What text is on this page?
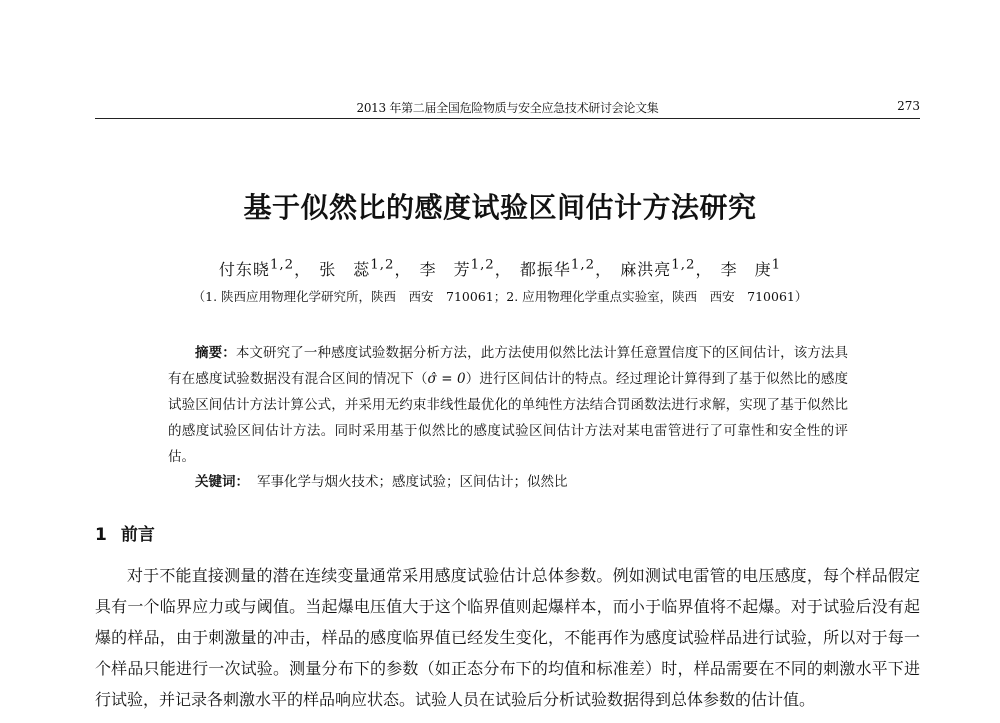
2013 年第二届全国危险物质与安全应急技术研讨会论文集	273
基于似然比的感度试验区间估计方法研究
付东晓$^{1,2}$， 张　蕊$^{1,2}$， 李　芳$^{1,2}$， 都振华$^{1,2}$， 麻洪亮$^{1,2}$， 李　庚$^1$
（1. 陕西应用物理化学研究所，陕西　西安　710061；2. 应用物理化学重点实验室，陕西　西安　710061）
摘要：本文研究了一种感度试验数据分析方法，此方法使用似然比法计算任意置信度下的区间估计，该方法具有在感度试验数据没有混合区间的情况下（σ̂ = 0）进行区间估计的特点。经过理论计算得到了基于似然比的感度试验区间估计方法计算公式，并采用无约束非线性最优化的单纯性方法结合罚函数法进行求解，实现了基于似然比的感度试验区间估计方法。同时采用基于似然比的感度试验区间估计方法对某电雷管进行了可靠性和安全性的评估。
关键词： 军事化学与烟火技术；感度试验；区间估计；似然比
1 前言
对于不能直接测量的潜在连续变量通常采用感度试验估计总体参数。例如测试电雷管的电压感度，每个样品假定具有一个临界应力或与阈值。当起爆电压值大于这个临界值则起爆样本，而小于临界值将不起爆。对于试验后没有起爆的样品，由于刺激量的冲击，样品的感度临界值已经发生变化，不能再作为感度试验样品进行试验，所以对于每一个样品只能进行一次试验。测量分布下的参数（如正态分布下的均值和标准差）时，样品需要在不同的刺激水平下进行试验，并记录各刺激水平的样品响应状态。试验人员在试验后分析试验数据得到总体参数的估计值。
